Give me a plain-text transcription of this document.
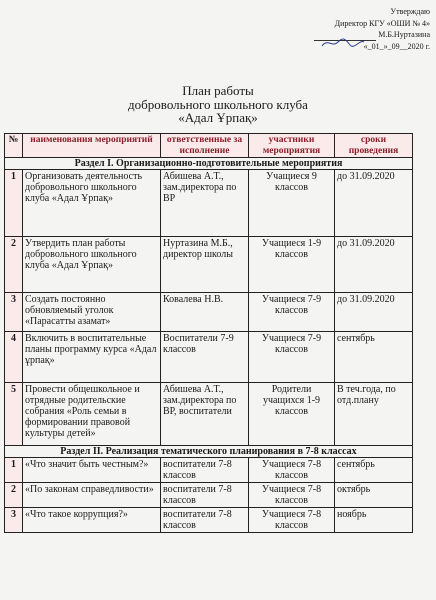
Утверждаю
Директор КГУ «ОШИ № 4»
М.Б.Нуртазина
«_01_»_09__2020 г.
План работы
добровольного школьного клуба
«Адал Ұрпақ»
№	наименования мероприятий	ответственные за исполнение	участники мероприятия	сроки проведения
Раздел I. Организационно-подготовительные мероприятия				
1	Организовать деятельность добровольного школьного клуба «Адал Ұрпақ»	Абишева А.Т., зам.директора по ВР	Учащиеся 9 классов	до 31.09.2020
2	Утвердить план работы добровольного школьного клуба «Адал Ұрпақ»	Нуртазина М.Б., директор школы	Учащиеся 1-9 классов	до 31.09.2020
3	Создать постоянно обновляемый уголок «Парасатты азамат»	Ковалева Н.В.	Учащиеся 7-9 классов	до 31.09.2020
4	Включить в воспитательные планы программу курса «Адал ұрпақ»	Воспитатели 7-9 классов	Учащиеся 7-9 классов	сентябрь
5	Провести общешкольное и отрядные родительские собрания «Роль семьи в формировании правовой культуры детей»	Абишева А.Т., зам.директора по ВР, воспитатели	Родители учащихся 1-9 классов	В теч.года, по отд.плану
Раздел II. Реализация тематического планирования в 7-8 классах				
1	«Что значит быть честным?»	воспитатели 7-8 классов	Учащиеся 7-8 классов	сентябрь
2	«По законам справедливости»	воспитатели 7-8 классов	Учащиеся 7-8 классов	октябрь
3	«Что такое коррупция?»	воспитатели 7-8 классов	Учащиеся 7-8 классов	ноябрь
